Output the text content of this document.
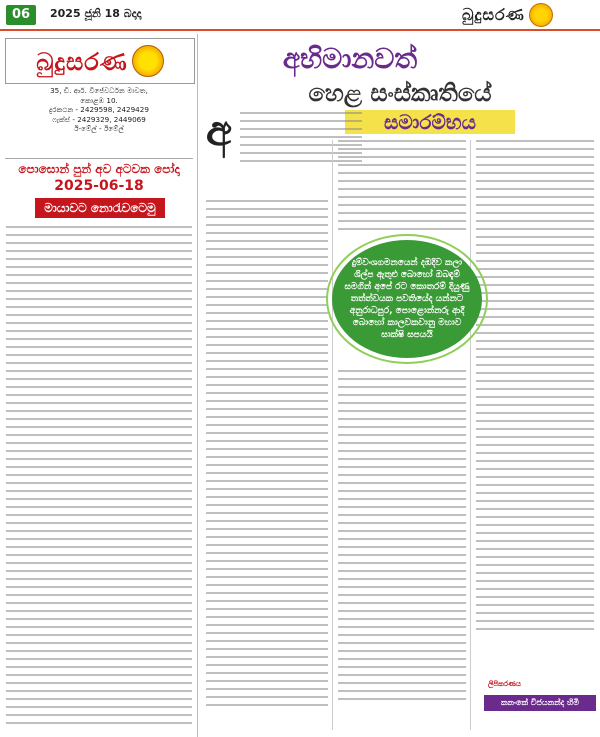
06	2025 ජූනි 18 බදාදා	බුදුසරණ
බුදුසරණ
35, ඩී. ආර්. විජේවර්ධන මාවත,
කොළඹ 10.
දුරකථන - 2429598, 2429429
ෆැක්ස් - 2429329, 2449069
ඊ-මේල් - ඊමේල්
පොසොන් පුන් අව අටවක පෝදා
2025-06-18
මායාවට නොරැවටෙමු
අභිමානවත්
හෙළ සංස්කෘතියේ
සමාරම්භය
අ
දුම්වංශගමනයෙන් දඹදිව කලා ශිල්ප ඇතුළු බොහෝ ඔබඳැම් සමගින් අපේ රට කොතරම් දියුණු තත්ත්වයක පවතියේද යන්නට අනුරාධපුර, පොළොන්නරු ආදී බොහෝ කාලවකවානු මහාව සාක්ෂි සපයයි
ලිපිකරණය
කනංකේ විජයනන්ද හිමි
